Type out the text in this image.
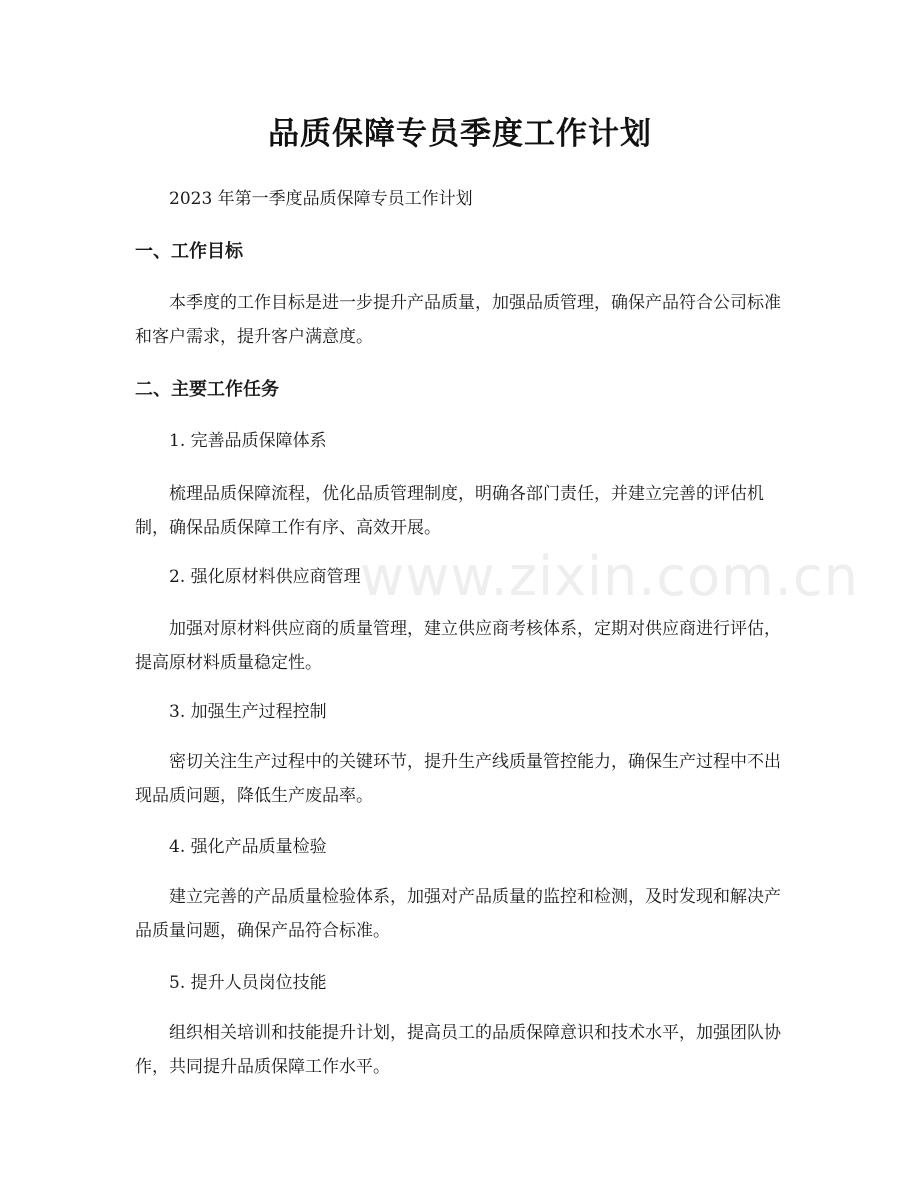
www.zixin.com.cn
品质保障专员季度工作计划
2023 年第一季度品质保障专员工作计划
一、工作目标
本季度的工作目标是进一步提升产品质量，加强品质管理，确保产品符合公司标准和客户需求，提升客户满意度。
二、主要工作任务
1. 完善品质保障体系
梳理品质保障流程，优化品质管理制度，明确各部门责任，并建立完善的评估机制，确保品质保障工作有序、高效开展。
2. 强化原材料供应商管理
加强对原材料供应商的质量管理，建立供应商考核体系，定期对供应商进行评估，提高原材料质量稳定性。
3. 加强生产过程控制
密切关注生产过程中的关键环节，提升生产线质量管控能力，确保生产过程中不出现品质问题，降低生产废品率。
4. 强化产品质量检验
建立完善的产品质量检验体系，加强对产品质量的监控和检测，及时发现和解决产品质量问题，确保产品符合标准。
5. 提升人员岗位技能
组织相关培训和技能提升计划，提高员工的品质保障意识和技术水平，加强团队协作，共同提升品质保障工作水平。
